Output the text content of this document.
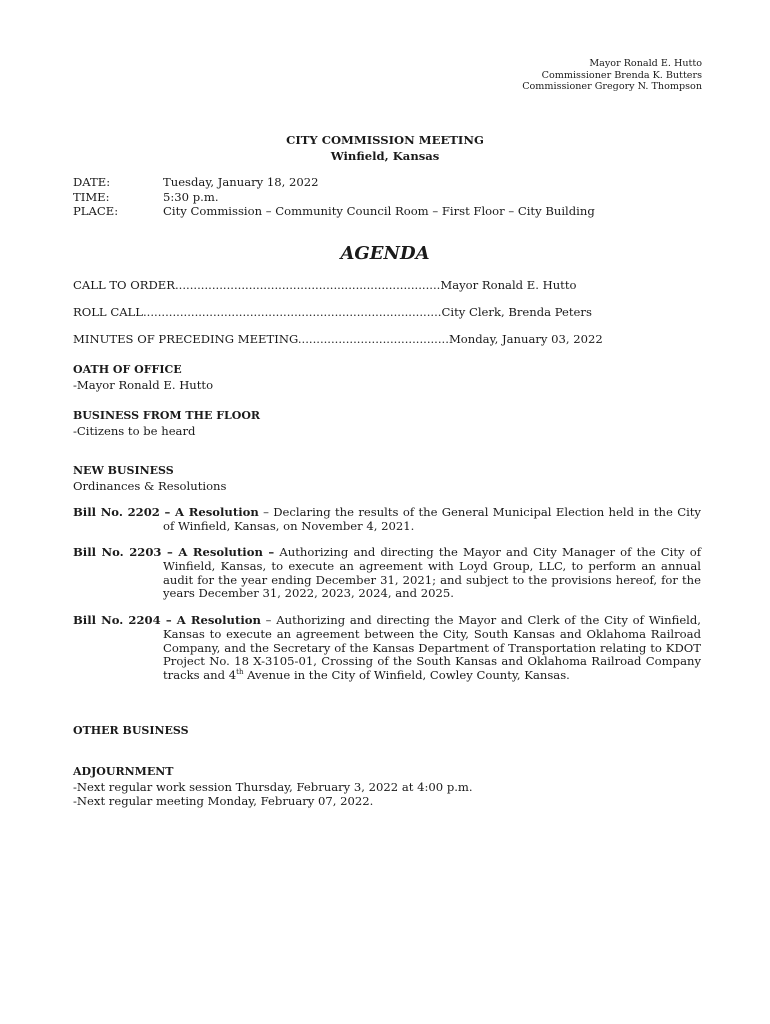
Mayor Ronald E. Hutto
Commissioner Brenda K. Butters
Commissioner Gregory N. Thompson
CITY COMMISSION MEETING
Winfield, Kansas
DATE:	Tuesday, January 18, 2022
TIME:	5:30 p.m.
PLACE:	City Commission – Community Council Room – First Floor – City Building
AGENDA
CALL TO ORDER........................................................................Mayor Ronald E. Hutto
ROLL CALL.................................................................................City Clerk, Brenda Peters
MINUTES OF PRECEDING MEETING.........................................Monday, January 03, 2022
OATH OF OFFICE
-Mayor Ronald E. Hutto
BUSINESS FROM THE FLOOR
-Citizens to be heard
NEW BUSINESS
Ordinances & Resolutions
Bill No. 2202 – A Resolution – Declaring the results of the General Municipal Election held in the City of Winfield, Kansas, on November 4, 2021.
Bill No. 2203 – A Resolution – Authorizing and directing the Mayor and City Manager of the City of Winfield, Kansas, to execute an agreement with Loyd Group, LLC, to perform an annual audit for the year ending December 31, 2021; and subject to the provisions hereof, for the years December 31, 2022, 2023, 2024, and 2025.
Bill No. 2204 – A Resolution – Authorizing and directing the Mayor and Clerk of the City of Winfield, Kansas to execute an agreement between the City, South Kansas and Oklahoma Railroad Company, and the Secretary of the Kansas Department of Transportation relating to KDOT Project No. 18 X-3105-01, Crossing of the South Kansas and Oklahoma Railroad Company tracks and 4th Avenue in the City of Winfield, Cowley County, Kansas.
OTHER BUSINESS
ADJOURNMENT
-Next regular work session Thursday, February 3, 2022 at 4:00 p.m.
-Next regular meeting Monday, February 07, 2022.
